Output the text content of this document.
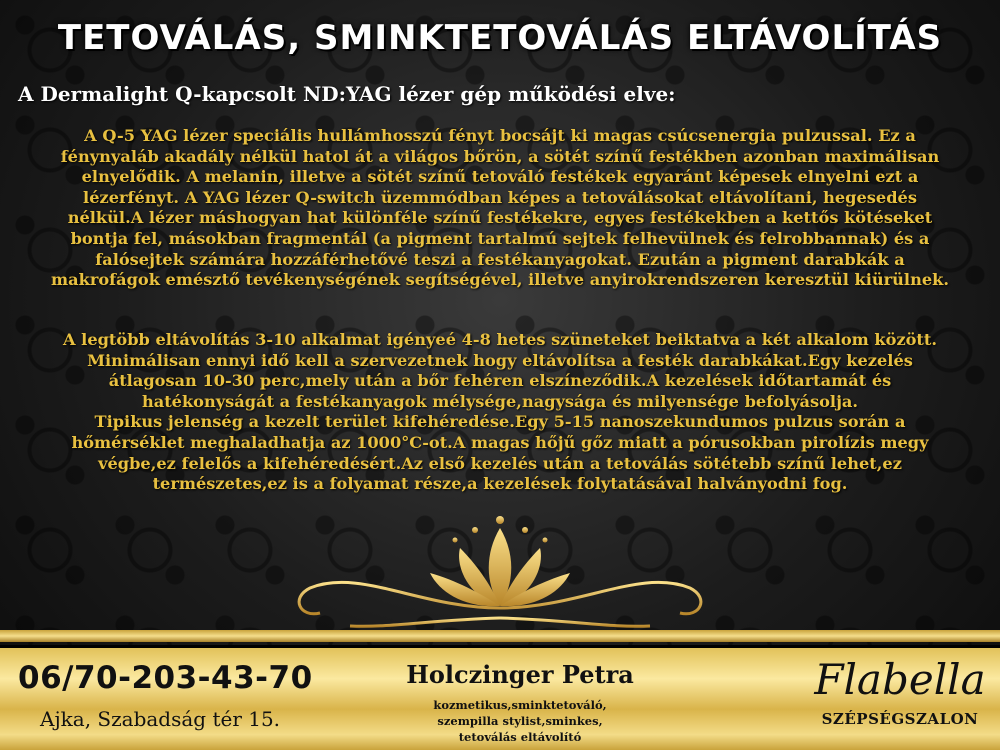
TETOVÁLÁS, SMINKTETOVÁLÁS ELTÁVOLÍTÁS
A Dermalight Q-kapcsolt ND:YAG lézer gép működési elve:
A Q-5 YAG lézer speciális hullámhosszú fényt bocsájt ki magas csúcsenergia pulzussal. Ez a
fénynyaláb akadály nélkül hatol át a világos bőrön, a sötét színű festékben azonban maximálisan
elnyelődik. A melanin, illetve a sötét színű tetováló festékek egyaránt képesek elnyelni ezt a
lézerfényt. A YAG lézer Q-switch üzemmódban képes a tetoválásokat eltávolítani, hegesedés
nélkül.A lézer máshogyan hat különféle színű festékekre, egyes festékekben a kettős kötéseket
bontja fel, másokban fragmentál (a pigment tartalmú sejtek felhevülnek és felrobbannak) és a
falósejtek számára hozzáférhetővé teszi a festékanyagokat. Ezután a pigment darabkák a
makrofágok emésztő tevékenységének segítségével, illetve anyirokrendszeren keresztül kiürülnek.
A legtöbb eltávolítás 3-10 alkalmat igényeé 4-8 hetes szüneteket beiktatva a két alkalom között.
Minimálisan ennyi idő kell a szervezetnek hogy eltávolítsa a festék darabkákat.Egy kezelés
átlagosan 10-30 perc,mely után a bőr fehéren elszíneződik.A kezelések időtartamát és
hatékonyságát a festékanyagok mélysége,nagysága és milyensége befolyásolja.
Tipikus jelenség a kezelt terület kifehéredése.Egy 5-15 nanoszekundumos pulzus során a
hőmérséklet meghaladhatja az 1000°C-ot.A magas hőjű gőz miatt a pórusokban pirolízis megy
végbe,ez felelős a kifehéredésért.Az első kezelés után a tetoválás sötétebb színű lehet,ez
természetes,ez is a folyamat része,a kezelések folytatásával halványodni fog.
06/70-203-43-70
Ajka, Szabadság tér 15.
Holczinger Petra
kozmetikus,sminktetováló,
szempilla stylist,sminkes,
tetoválás eltávolító
Flabella
SZÉPSÉGSZALON
